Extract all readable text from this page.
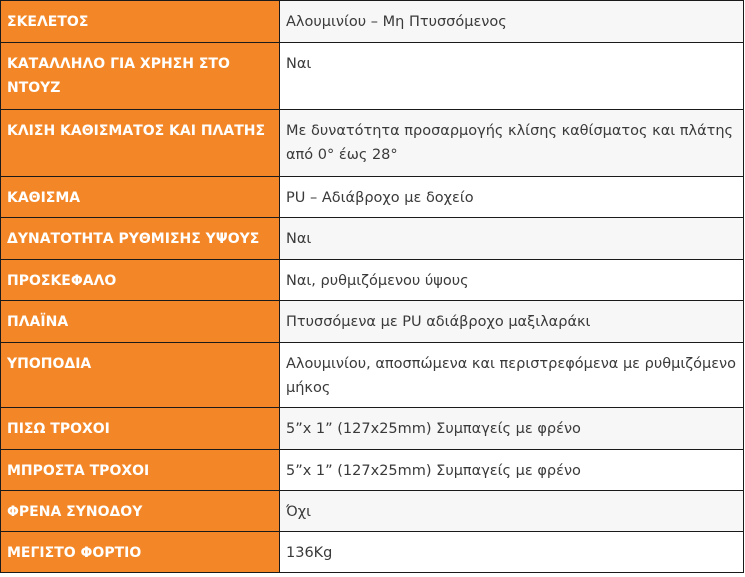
ΣΚΕΛΕΤΟΣ	Αλουμινίου – Μη Πτυσσόμενος

ΚΑΤΑΛΛΗΛΟ ΓΙΑ ΧΡΗΣΗ ΣΤΟ ΝΤΟΥΖ	Ναι

ΚΛΙΣΗ ΚΑΘΙΣΜΑΤΟΣ ΚΑΙ ΠΛΑΤΗΣ	Με δυνατότητα προσαρμογής κλίσης καθίσματος και πλάτης από 0° έως 28°

ΚΑΘΙΣΜΑ	PU – Αδιάβροχο με δοχείο

ΔΥΝΑΤΟΤΗΤΑ ΡΥΘΜΙΣΗΣ ΥΨΟΥΣ	Ναι

ΠΡΟΣΚΕΦΑΛΟ	Ναι, ρυθμιζόμενου ύψους

ΠΛΑΪΝΑ	Πτυσσόμενα με PU αδιάβροχο μαξιλαράκι

ΥΠΟΠΟΔΙΑ	Αλουμινίου, αποσπώμενα και περιστρεφόμενα με ρυθμιζόμενο μήκος

ΠΙΣΩ ΤΡΟΧΟΙ	5”x 1” (127x25mm) Συμπαγείς με φρένο

ΜΠΡΟΣΤΑ ΤΡΟΧΟΙ	5”x 1” (127x25mm) Συμπαγείς με φρένο

ΦΡΕΝΑ ΣΥΝΟΔΟΥ	Όχι

ΜΕΓΙΣΤΟ ΦΟΡΤΙΟ	136Kg
